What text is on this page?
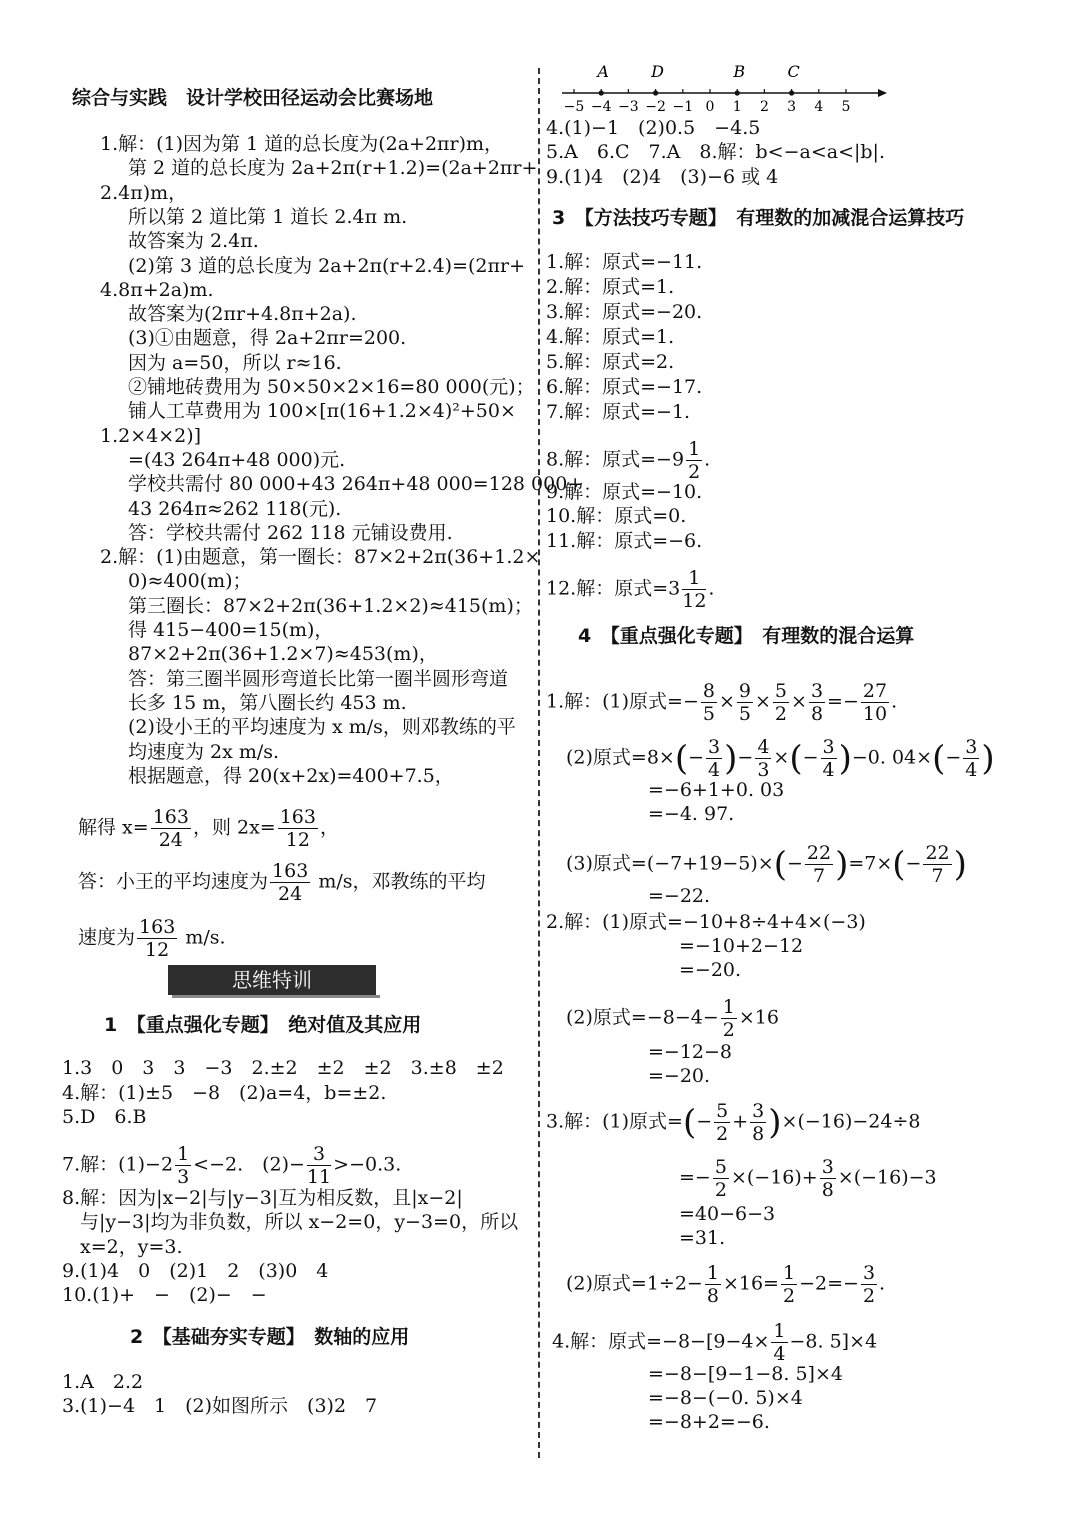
综合与实践　设计学校田径运动会比赛场地
1.解：(1)因为第 1 道的总长度为(2a+2πr)m，
第 2 道的总长度为 2a+2π(r+1.2)=(2a+2πr+
2.4π)m，
所以第 2 道比第 1 道长 2.4π m.
故答案为 2.4π.
(2)第 3 道的总长度为 2a+2π(r+2.4)=(2πr+
4.8π+2a)m.
故答案为(2πr+4.8π+2a).
(3)①由题意，得 2a+2πr=200.
因为 a=50，所以 r≈16.
②铺地砖费用为 50×50×2×16=80 000(元)；
铺人工草费用为 100×[π(16+1.2×4)²+50×
1.2×4×2)]
=(43 264π+48 000)元.
学校共需付 80 000+43 264π+48 000=128 000+
43 264π≈262 118(元).
答：学校共需付 262 118 元铺设费用.
2.解：(1)由题意，第一圈长：87×2+2π(36+1.2×
0)≈400(m)；
第三圈长：87×2+2π(36+1.2×2)≈415(m)；
得 415−400=15(m)，
87×2+2π(36+1.2×7)≈453(m)，
答：第三圈半圆形弯道长比第一圈半圆形弯道
长多 15 m，第八圈长约 453 m.
(2)设小王的平均速度为 x m/s，则邓教练的平
均速度为 2x m/s.
根据题意，得 20(x+2x)=400+7.5，
解得 $x= \frac{163}{24}$ ，则 $2x= \frac{163}{12}$ ，
答：小王的平均速度为 $\frac{163}{24} m/s$，邓教练的平均
速度为 $\frac{163}{12} m/s$.
思维特训
1　【重点强化专题】　绝对值及其应用
1.3　0　3　3　−3　2.±2　±2　±2　3.±8　±2
4.解：(1)±5　−8　(2)a=4，b=±2.
5.D　6.B
7.解：$(1)-2 \frac{1}{3} <-2$.　$(2)- \frac{3}{11} >-0.3$.
8.解：因为|x−2|与|y−3|互为相反数，且|x−2|
与|y−3|均为非负数，所以 x−2=0，y−3=0，所以
x=2，y=3.
9.(1)4　0　(2)1　2　(3)0　4
10.(1)+　−　(2)−　−
2　【基础夯实专题】　数轴的应用
1.A　2.2
3.(1)−4　1　(2)如图所示　(3)2　7
−5 −4 −3 −2 −1 0 1 2 3 4 5
A	D	B	C
4.(1)−1　(2)0.5　−4.5
5.A　6.C　7.A　8.解：b<−a<a<|b|.
9.(1)4　(2)4　(3)−6 或 4
3　【方法技巧专题】　有理数的加减混合运算技巧
1.解：原式=−11.
2.解：原式=1.
3.解：原式=−20.
4.解：原式=1.
5.解：原式=2.
6.解：原式=−17.
7.解：原式=−1.
8.解：原式$=-9 \frac{1}{2}$ .
9.解：原式=−10.
10.解：原式=0.
11.解：原式=−6.
12.解：原式$=3 \frac{1}{12}$ .
4　【重点强化专题】　有理数的混合运算
1.解：(1)原式=− $\frac{8}{5} \times \frac{9}{5} \times \frac{5}{2} \times \frac{3}{8} =- \frac{27}{10}$ .
(2)原式$=8\times(- \frac{3}{4}$ )− $\frac{4}{3}$ ×(− $\frac{3}{4} )-0$. $04\times(- \frac{3}{4}$ )
=−6+1+0. 03
=−4. 97.
(3)原式$=(-7+19-5)\times(- \frac{22}{7} )=7\times(- \frac{22}{7}$ )
=−22.
2.解：(1)原式=−10+8÷4+4×(−3)
=−10+2−12
=−20.
(2)原式$=-8-4- \frac{1}{2} \times 16$
=−12−8
=−20.
3.解：(1)原式=(− $\frac{5}{2} + \frac{3}{8} )\times(-16)-24\div 8$
=− $\frac{5}{2} \times(-16)+ \frac{3}{8} \times(-16)-3$
=40−6−3
=31.
(2)原式$=1\div 2- \frac{1}{8} \times 16= \frac{1}{2} -2=- \frac{3}{2}$ .
4.解：原式$=-8-[9-4\times \frac{1}{4} -8$. 5]×4
=−8−[9−1−8. 5]×4
=−8−(−0. 5)×4
=−8+2=−6.
